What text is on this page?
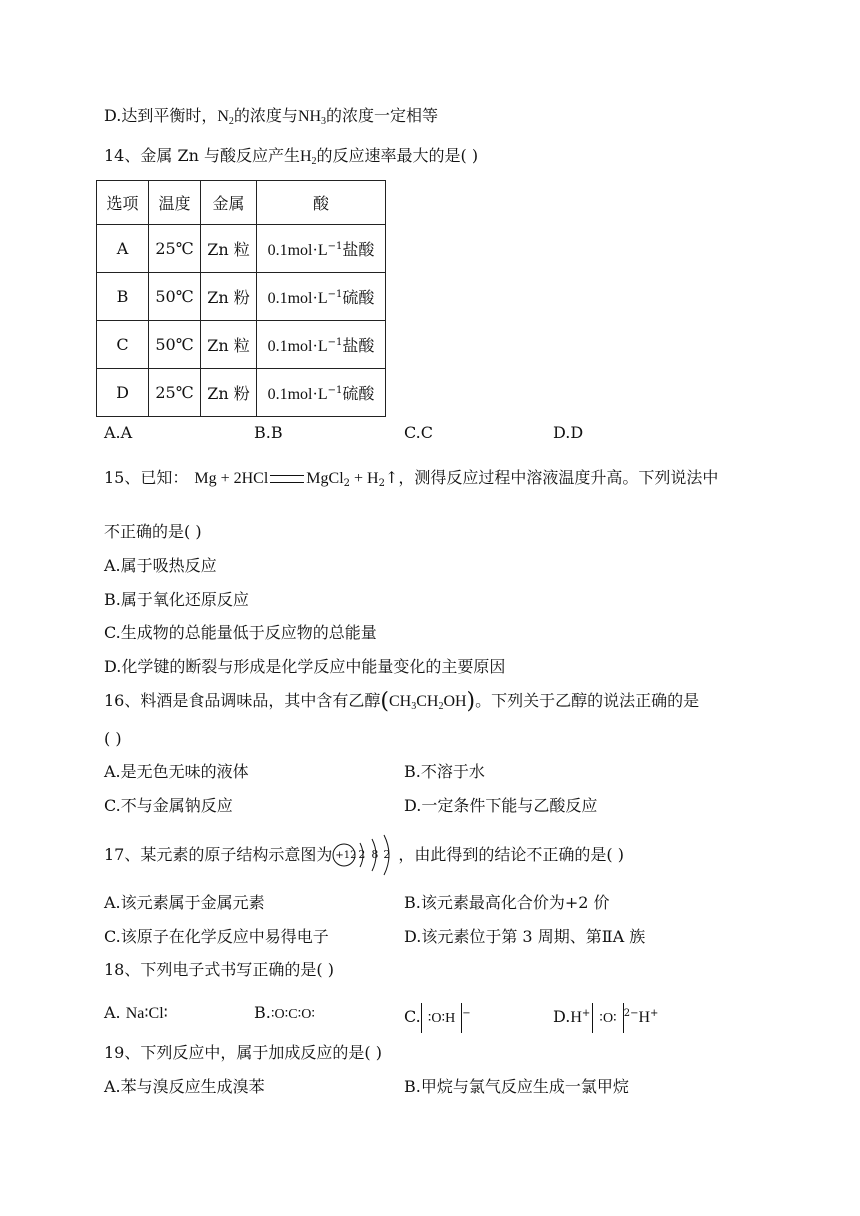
D.达到平衡时，$N_2$的浓度与$NH_3$的浓度一定相等
14、金属 Zn 与酸反应产生$H_2$的反应速率最大的是( )
选项	温度	金属	酸
A	25℃	Zn 粒	$0.1mol\cdot L^{-1}$盐酸
B	50℃	Zn 粉	$0.1mol\cdot L^{-1}$硫酸
C	50℃	Zn 粒	$0.1mol\cdot L^{-1}$盐酸
D	25℃	Zn 粉	$0.1mol\cdot L^{-1}$硫酸
A.A	B.B	C.C	D.D
15、已知： Mg + 2HCl MgCl$_2$ + $H_2↑$，测得反应过程中溶液温度升高。下列说法中
不正确的是( )
A.属于吸热反应
B.属于氧化还原反应
C.生成物的总能量低于反应物的总能量
D.化学键的断裂与形成是化学反应中能量变化的主要原因
16、料酒是食品调味品，其中含有乙醇$(CH_3CH_2OH)$。下列关于乙醇的说法正确的是
( )
A.是无色无味的液体	B.不溶于水
C.不与金属钠反应	D.一定条件下能与乙酸反应
17、某元素的原子结构示意图为 +12 2 8 2 ，由此得到的结论不正确的是( )
A.该元素属于金属元素	B.该元素最高化合价为+2 价
C.该原子在化学反应中易得电子	D.该元素位于第 3 周期、第ⅡA 族
18、下列电子式书写正确的是( )
A. Na∶Cl∶	B.∶O∶C∶O∶	C. ∶O∶H −	D.H+ ∶O∶ $^{2-}$H+
19、下列反应中，属于加成反应的是( )
A.苯与溴反应生成溴苯	B.甲烷与氯气反应生成一氯甲烷
